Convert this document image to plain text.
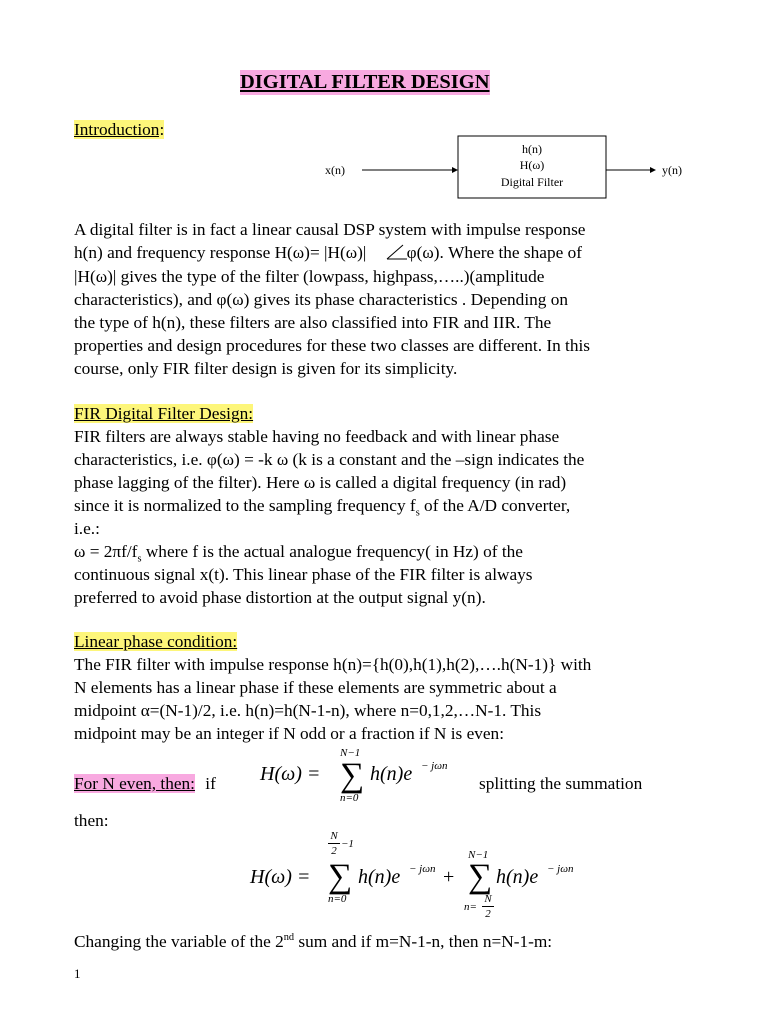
DIGITAL FILTER DESIGN
Introduction:
x(n)	y(n)
h(n)
H(ω)
Digital Filter
A digital filter is in fact a linear causal DSP system with impulse response
h(n) and frequency response H(ω)= |H(ω)| φ(ω). Where the shape of
|H(ω)| gives the type of the filter (lowpass, highpass,…..)(amplitude
characteristics), and φ(ω) gives its phase characteristics . Depending on
the type of h(n), these filters are also classified into FIR and IIR. The
properties and design procedures for these two classes are different. In this
course, only FIR filter design is given for its simplicity.
FIR Digital Filter Design:
FIR filters are always stable having no feedback and with linear phase
characteristics, i.e. φ(ω) = -k ω (k is a constant and the –sign indicates the
phase lagging of the filter). Here ω is called a digital frequency (in rad)
since it is normalized to the sampling frequency $f_s$ of the A/D converter,
i.e.:
$\omega = 2\pi f/f_s$ where f is the actual analogue frequency( in Hz) of the
continuous signal x(t). This linear phase of the FIR filter is always
preferred to avoid phase distortion at the output signal y(n).
Linear phase condition:
The FIR filter with impulse response h(n)={h(0),h(1),h(2),….h(N-1)} with
N elements has a linear phase if these elements are symmetric about a
midpoint α=(N-1)/2, i.e. h(n)=h(N-1-n), where n=0,1,2,…N-1. This
midpoint may be an integer if N odd or a fraction if N is even:
For N even, then: if H(ω) =
N−1
∑
n=0
h(n)e − jωn
splitting the summation
then:
H(ω) =
N
2
−1
∑
n=0
h(n)e − jωn +
N−1
∑
n=
N
2
h(n)e − jωn
Changing the variable of the 2nd sum and if m=N-1-n, then n=N-1-m:
1
